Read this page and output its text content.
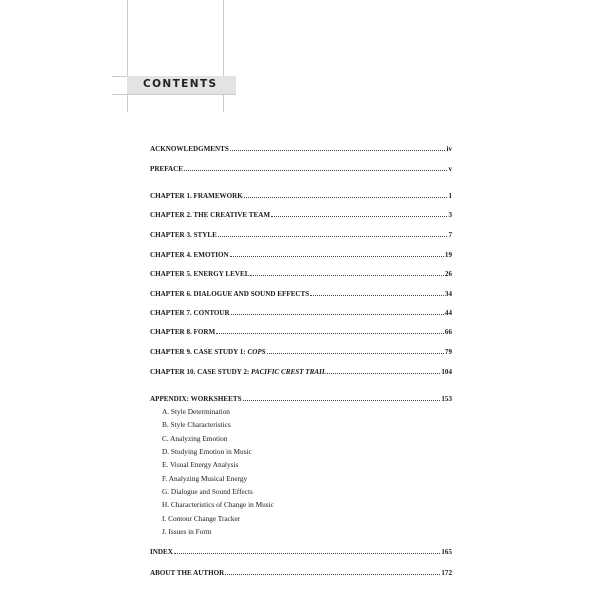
CONTENTS
ACKNOWLEDGMENTS	iv
PREFACE	v
CHAPTER 1. FRAMEWORK	1
CHAPTER 2. THE CREATIVE TEAM	3
CHAPTER 3. STYLE	7
CHAPTER 4. EMOTION	19
CHAPTER 5. ENERGY LEVEL	26
CHAPTER 6. DIALOGUE AND SOUND EFFECTS	34
CHAPTER 7. CONTOUR	44
CHAPTER 8. FORM	66
CHAPTER 9. CASE STUDY 1: COPS	79
CHAPTER 10. CASE STUDY 2: PACIFIC CREST TRAIL	104
APPENDIX: WORKSHEETS	153
A. Style Determination
B. Style Characteristics
C. Analyzing Emotion
D. Studying Emotion in Music
E. Visual Energy Analysis
F. Analyzing Musical Energy
G. Dialogue and Sound Effects
H. Characteristics of Change in Music
I. Contour Change Tracker
J. Issues in Form
INDEX	165
ABOUT THE AUTHOR	172
